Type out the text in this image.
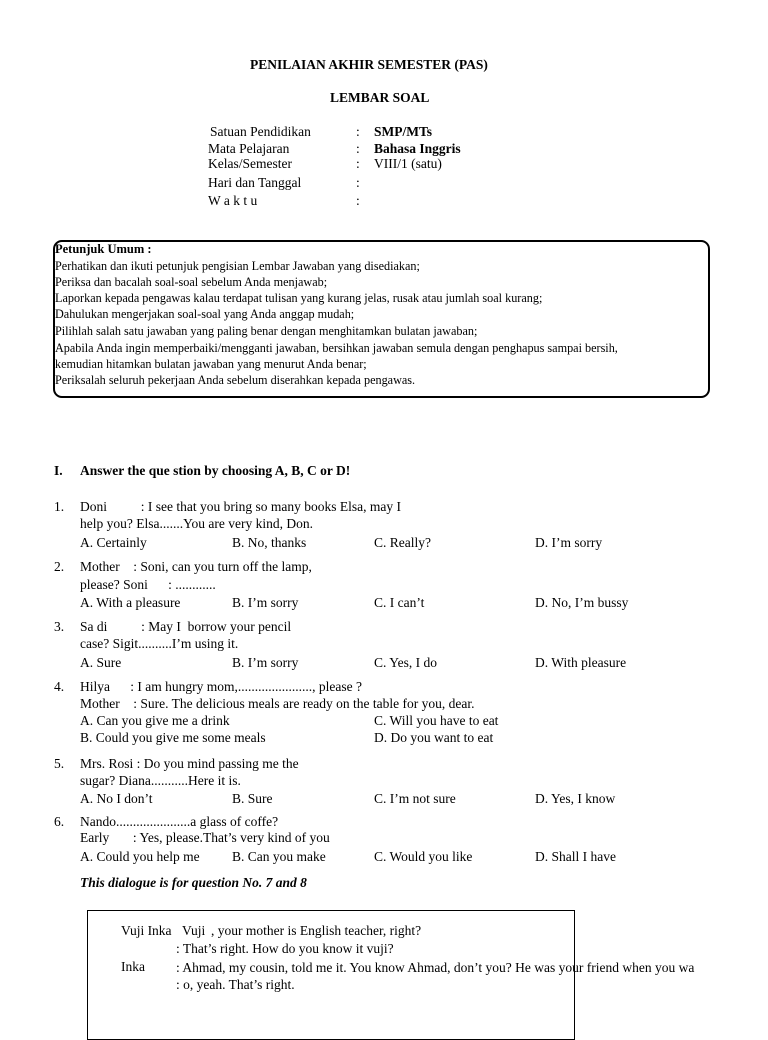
PENILAIAN AKHIR SEMESTER (PAS)
LEMBAR SOAL
Satuan Pendidikan	: SMP/MTs
Mata Pelajaran	: Bahasa Inggris
Kelas/Semester	: VIII/1 (satu)
Hari dan Tanggal	:
W a k t u	:
Petunjuk Umum :
Perhatikan dan ikuti petunjuk pengisian Lembar Jawaban yang disediakan;
Periksa dan bacalah soal-soal sebelum Anda menjawab;
Laporkan kepada pengawas kalau terdapat tulisan yang kurang jelas, rusak atau jumlah soal kurang;
Dahulukan mengerjakan soal-soal yang Anda anggap mudah;
Pilihlah salah satu jawaban yang paling benar dengan menghitamkan bulatan jawaban;
Apabila Anda ingin memperbaiki/mengganti jawaban, bersihkan jawaban semula dengan penghapus sampai bersih,
kemudian hitamkan bulatan jawaban yang menurut Anda benar;
Periksalah seluruh pekerjaan Anda sebelum diserahkan kepada pengawas.
I. Answer the que stion by choosing A, B, C or D!
1. Doni          : I see that you bring so many books Elsa, may I
help you? Elsa.......You are very kind, Don.
A. Certainly	B. No, thanks	C. Really?	D. I’m sorry
2. Mother    : Soni, can you turn off the lamp,
please? Soni      : ............
A. With a pleasure	B. I’m sorry	C. I can’t	D. No, I’m bussy
3. Sa di          : May I  borrow your pencil
case? Sigit..........I’m using it.
A. Sure	B. I’m sorry	C. Yes, I do	D. With pleasure
4. Hilya      : I am hungry mom,......................, please ?
Mother    : Sure. The delicious meals are ready on the table for you, dear.
A. Can you give me a drink	C. Will you have to eat
B. Could you give me some meals	D. Do you want to eat
5. Mrs. Rosi : Do you mind passing me the
sugar? Diana...........Here it is.
A. No I don’t	B. Sure	C. I’m not sure	D. Yes, I know
6. Nando......................a glass of coffe?
Early       : Yes, please.That’s very kind of you
A. Could you help me B. Can you make	C. Would you like	D. Shall I have
This dialogue is for question No. 7 and 8
Vuji Inka Vuji , your mother is English teacher, right?
: That’s right. How do you know it vuji?
Inka : Ahmad, my cousin, told me it. You know Ahmad, don’t you? He was your friend when you wa
: o, yeah. That’s right.
